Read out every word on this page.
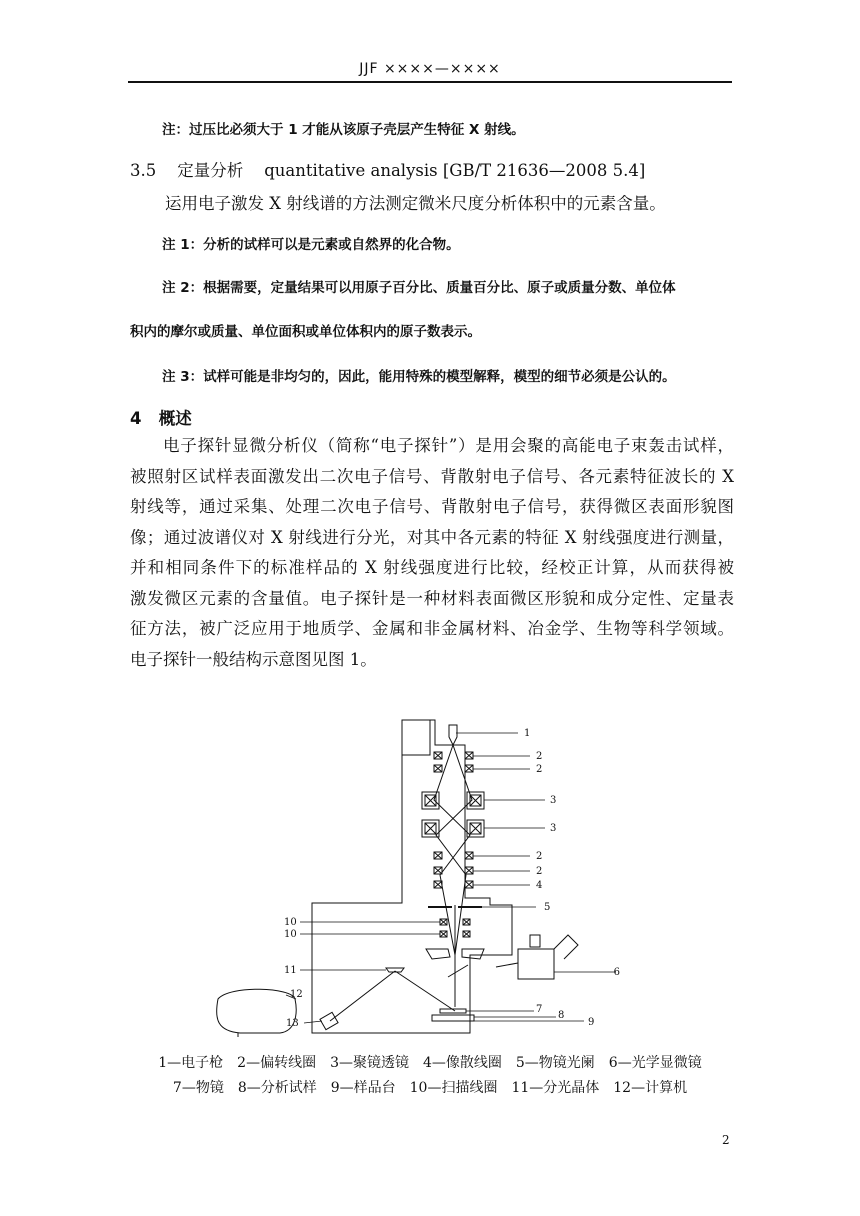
JJF ××××—××××
注：过压比必须大于 1 才能从该原子壳层产生特征 X 射线。
3.5 定量分析 quantitative analysis [GB/T 21636—2008 5.4]
运用电子激发 X 射线谱的方法测定微米尺度分析体积中的元素含量。
注 1：分析的试样可以是元素或自然界的化合物。
注 2：根据需要，定量结果可以用原子百分比、质量百分比、原子或质量分数、单位体
积内的摩尔或质量、单位面积或单位体积内的原子数表示。
注 3：试样可能是非均匀的，因此，能用特殊的模型解释，模型的细节必须是公认的。
4 概述
电子探针显微分析仪（简称“电子探针”）是用会聚的高能电子束轰击试样，
被照射区试样表面激发出二次电子信号、背散射电子信号、各元素特征波长的 X
射线等，通过采集、处理二次电子信号、背散射电子信号，获得微区表面形貌图
像；通过波谱仪对 X 射线进行分光，对其中各元素的特征 X 射线强度进行测量，
并和相同条件下的标准样品的 X 射线强度进行比较，经校正计算，从而获得被
激发微区元素的含量值。电子探针是一种材料表面微区形貌和成分定性、定量表
征方法，被广泛应用于地质学、金属和非金属材料、冶金学、生物等科学领域。
电子探针一般结构示意图见图 1。
1
2
2
3
3
2
2
4
5
6
7
8
9
10
10
11
12
13
1—电子枪　2—偏转线圈　3—聚镜透镜　4—像散线圈　5—物镜光阑　6—光学显微镜
7—物镜　8—分析试样　9—样品台　10—扫描线圈　11—分光晶体　12—计算机
2
